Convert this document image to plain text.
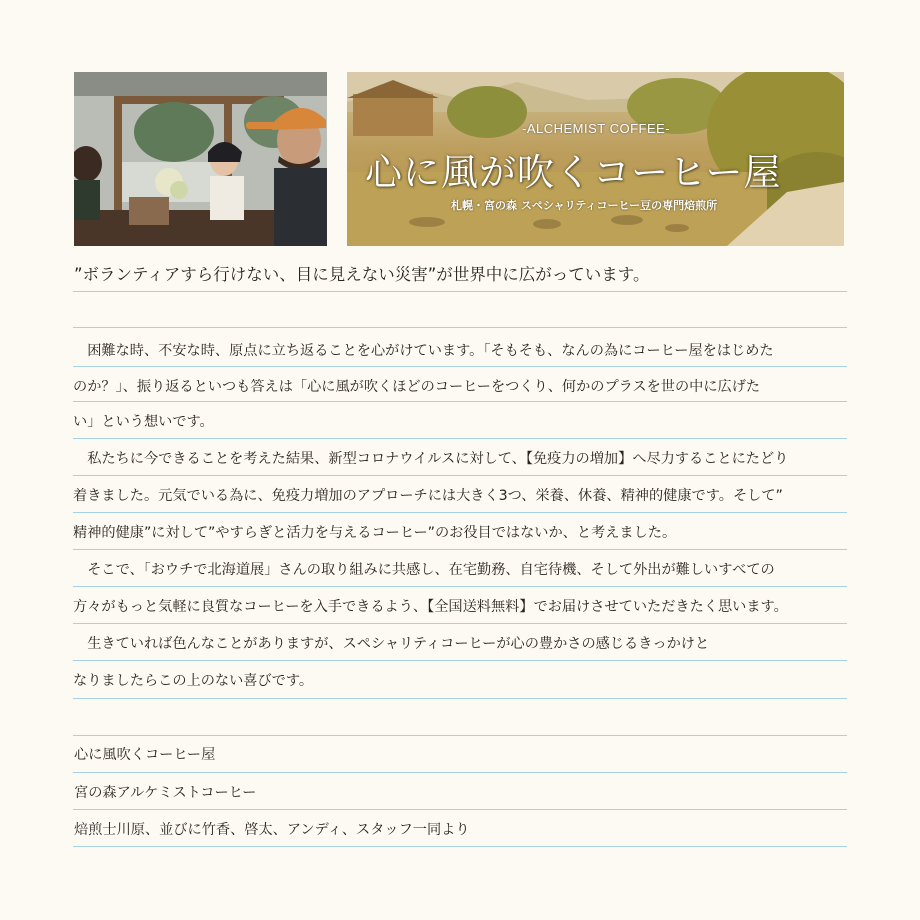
-ALCHEMIST COFFEE-
心に風が吹くコーヒー屋
札幌・宮の森 スペシャリティコーヒー豆の専門焙煎所
”ボランティアすら行けない、目に見えない災害”が世界中に広がっています。
　困難な時、不安な時、原点に立ち返ることを心がけています。「そもそも、なんの為にコーヒー屋をはじめた
のか？」、振り返るといつも答えは「心に風が吹くほどのコーヒーをつくり、何かのプラスを世の中に広げた
い」という想いです。
　私たちに今できることを考えた結果、新型コロナウイルスに対して、【免疫力の増加】へ尽力することにたどり
着きました。元気でいる為に、免疫力増加のアプローチには大きく3つ、栄養、休養、精神的健康です。そして”
精神的健康”に対して”やすらぎと活力を与えるコーヒー”のお役目ではないか、と考えました。
　そこで、「おウチで北海道展」さんの取り組みに共感し、在宅勤務、自宅待機、そして外出が難しいすべての
方々がもっと気軽に良質なコーヒーを入手できるよう、【全国送料無料】でお届けさせていただきたく思います。
　生きていれば色んなことがありますが、スペシャリティコーヒーが心の豊かさの感じるきっかけと
なりましたらこの上のない喜びです。
心に風吹くコーヒー屋
宮の森アルケミストコーヒー
焙煎士川原、並びに竹香、啓太、アンディ、スタッフ一同より
